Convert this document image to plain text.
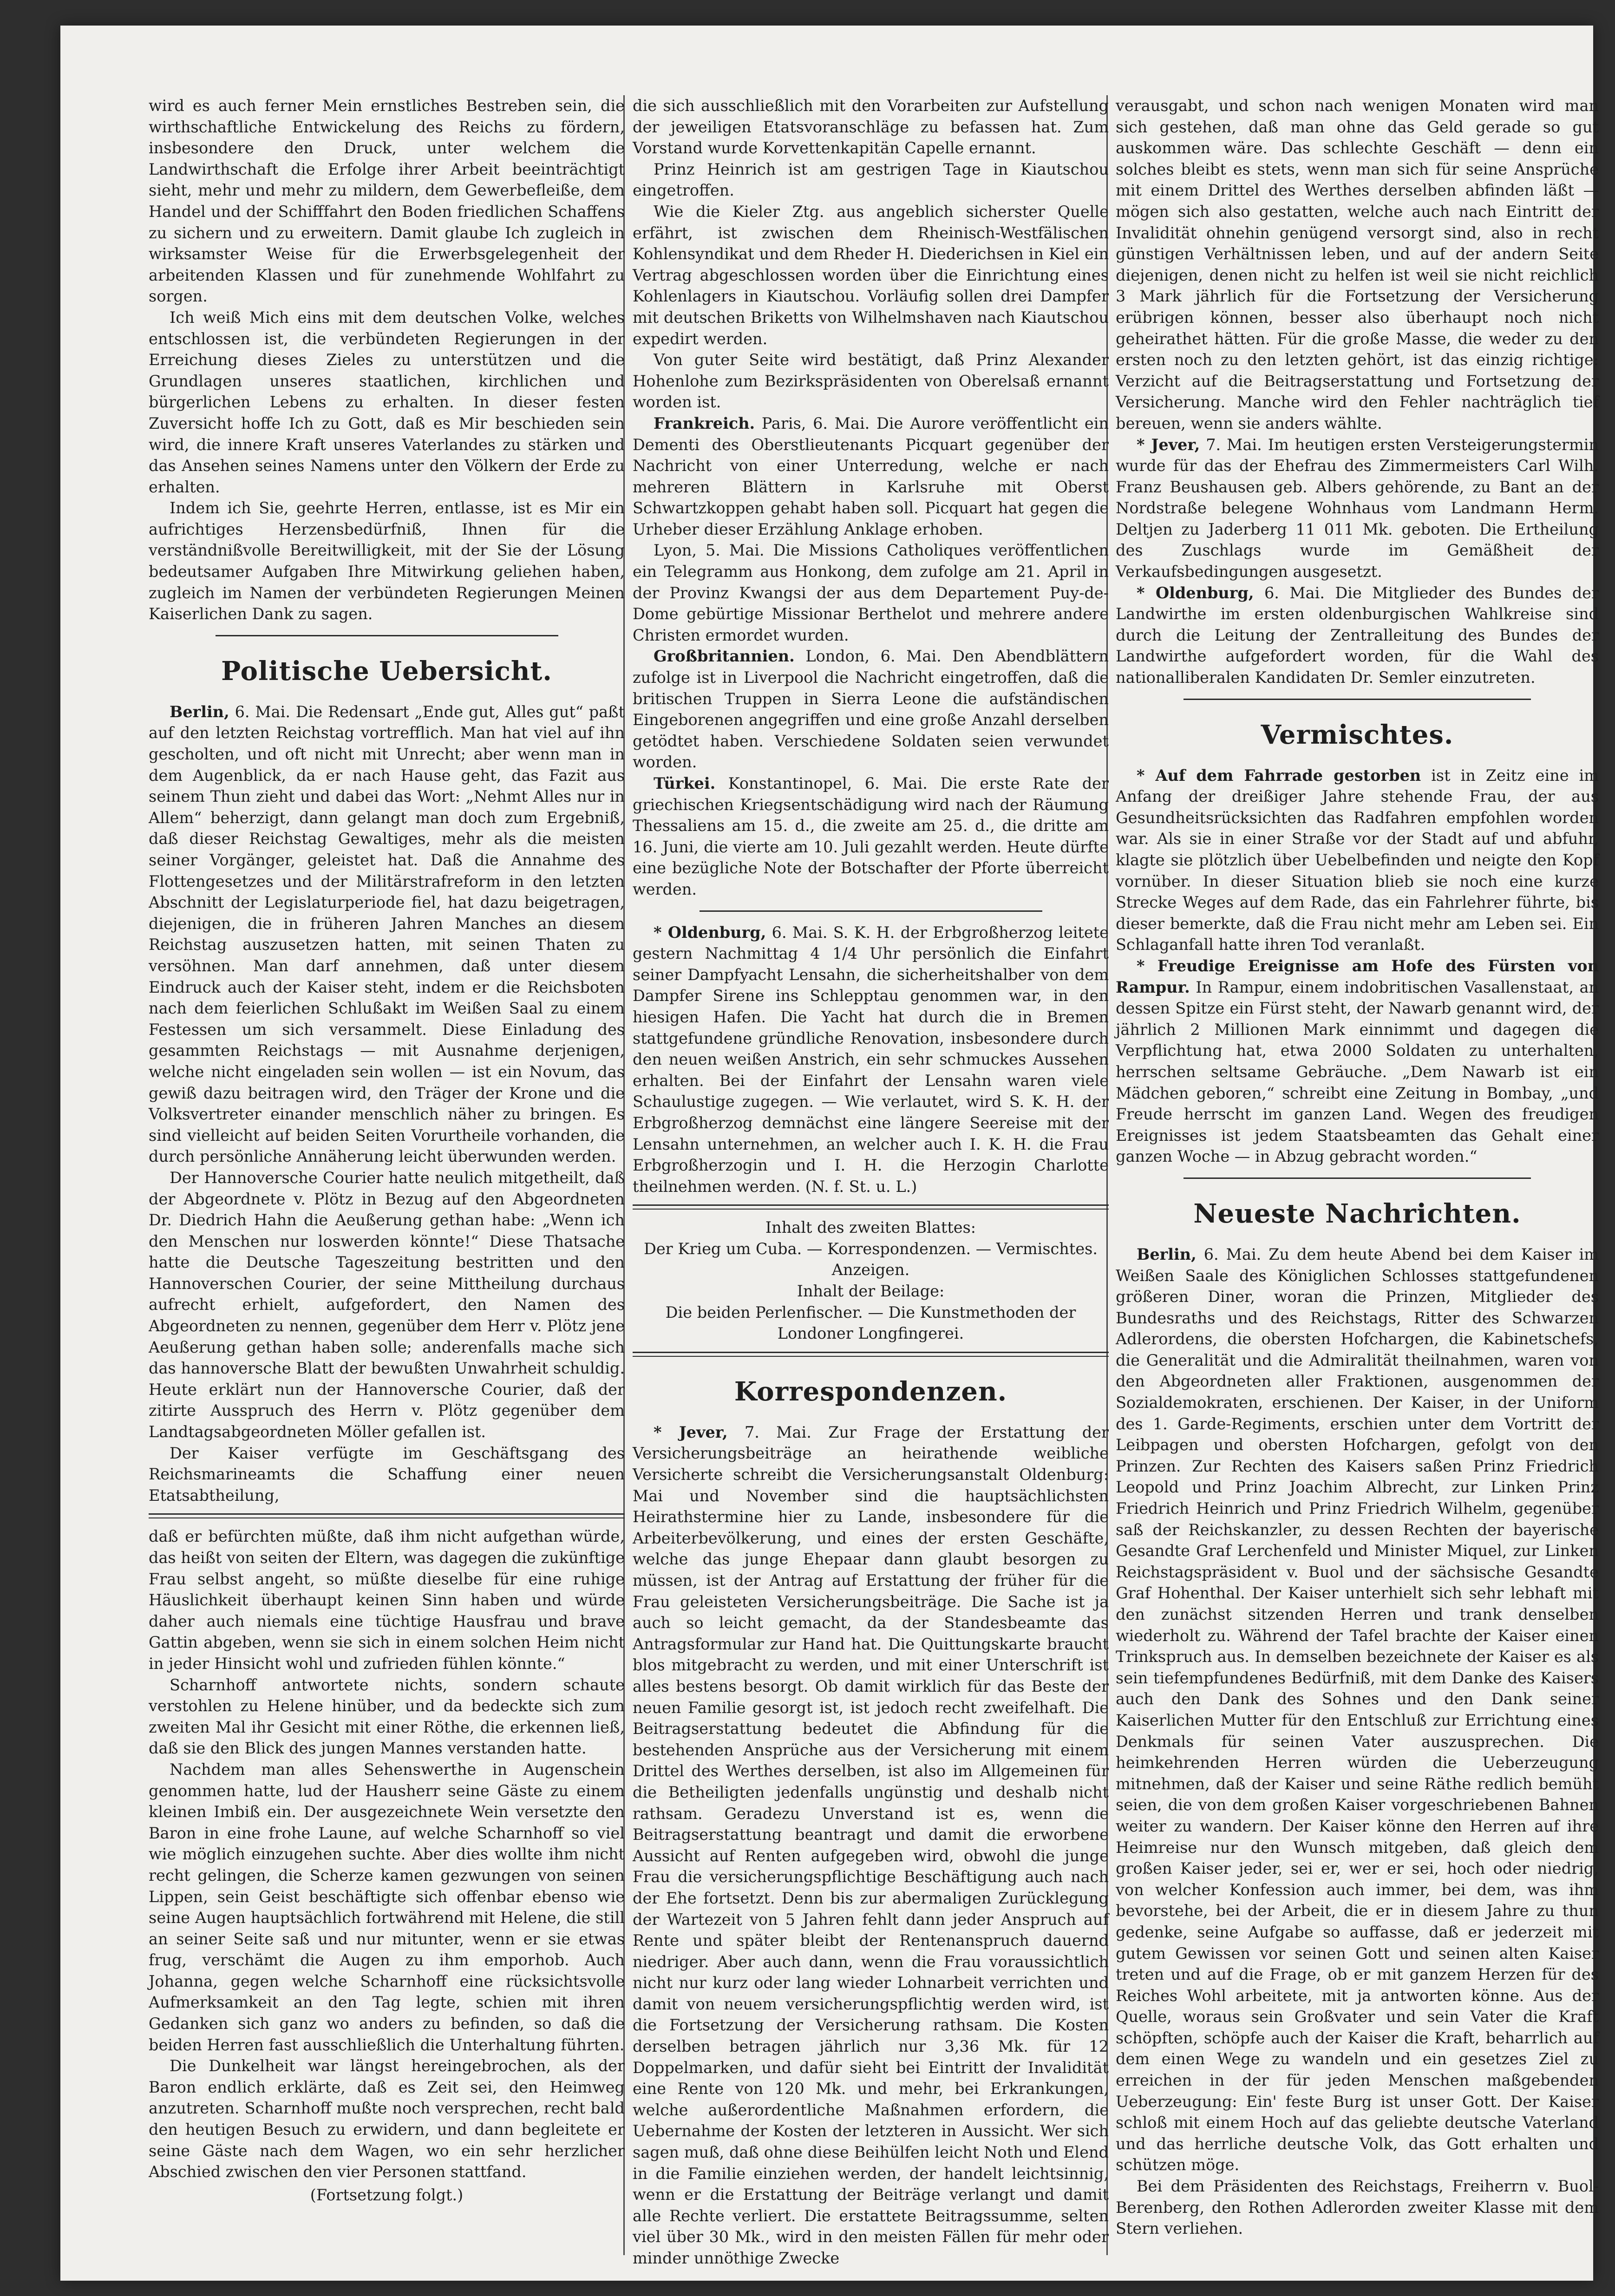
wird es auch ferner Mein ernstliches Bestreben sein, die wirthschaftliche Entwickelung des Reichs zu fördern, insbesondere den Druck, unter welchem die Landwirthschaft die Erfolge ihrer Arbeit beeinträchtigt sieht, mehr und mehr zu mildern, dem Gewerbefleiße, dem Handel und der Schifffahrt den Boden friedlichen Schaffens zu sichern und zu erweitern. Damit glaube Ich zugleich in wirksamster Weise für die Erwerbsgelegenheit der arbeitenden Klassen und für zunehmende Wohlfahrt zu sorgen.

Ich weiß Mich eins mit dem deutschen Volke, welches entschlossen ist, die verbündeten Regierungen in der Erreichung dieses Zieles zu unterstützen und die Grundlagen unseres staatlichen, kirchlichen und bürgerlichen Lebens zu erhalten. In dieser festen Zuversicht hoffe Ich zu Gott, daß es Mir beschieden sein wird, die innere Kraft unseres Vaterlandes zu stärken und das Ansehen seines Namens unter den Völkern der Erde zu erhalten.

Indem ich Sie, geehrte Herren, entlasse, ist es Mir ein aufrichtiges Herzensbedürfniß, Ihnen für die verständnißvolle Bereitwilligkeit, mit der Sie der Lösung bedeutsamer Aufgaben Ihre Mitwirkung geliehen haben, zugleich im Namen der verbündeten Regierungen Meinen Kaiserlichen Dank zu sagen.

Politische Uebersicht.

Berlin, 6. Mai. Die Redensart „Ende gut, Alles gut“ paßt auf den letzten Reichstag vortrefflich. Man hat viel auf ihn gescholten, und oft nicht mit Unrecht; aber wenn man in dem Augenblick, da er nach Hause geht, das Fazit aus seinem Thun zieht und dabei das Wort: „Nehmt Alles nur in Allem“ beherzigt, dann gelangt man doch zum Ergebniß, daß dieser Reichstag Gewaltiges, mehr als die meisten seiner Vorgänger, geleistet hat. Daß die Annahme des Flottengesetzes und der Militärstrafreform in den letzten Abschnitt der Legislaturperiode fiel, hat dazu beigetragen, diejenigen, die in früheren Jahren Manches an diesem Reichstag auszusetzen hatten, mit seinen Thaten zu versöhnen. Man darf annehmen, daß unter diesem Eindruck auch der Kaiser steht, indem er die Reichsboten nach dem feierlichen Schlußakt im Weißen Saal zu einem Festessen um sich versammelt. Diese Einladung des gesammten Reichstags — mit Ausnahme derjenigen, welche nicht eingeladen sein wollen — ist ein Novum, das gewiß dazu beitragen wird, den Träger der Krone und die Volksvertreter einander menschlich näher zu bringen. Es sind vielleicht auf beiden Seiten Vorurtheile vorhanden, die durch persönliche Annäherung leicht überwunden werden.

Der Hannoversche Courier hatte neulich mitgetheilt, daß der Abgeordnete v. Plötz in Bezug auf den Abgeordneten Dr. Diedrich Hahn die Aeußerung gethan habe: „Wenn ich den Menschen nur loswerden könnte!“ Diese Thatsache hatte die Deutsche Tageszeitung bestritten und den Hannoverschen Courier, der seine Mittheilung durchaus aufrecht erhielt, aufgefordert, den Namen des Abgeordneten zu nennen, gegenüber dem Herr v. Plötz jene Aeußerung gethan haben solle; anderenfalls mache sich das hannoversche Blatt der bewußten Unwahrheit schuldig. Heute erklärt nun der Hannoversche Courier, daß der zitirte Ausspruch des Herrn v. Plötz gegenüber dem Landtagsabgeordneten Möller gefallen ist.

Der Kaiser verfügte im Geschäftsgang des Reichsmarineamts die Schaffung einer neuen Etatsabtheilung,

daß er befürchten müßte, daß ihm nicht aufgethan würde, das heißt von seiten der Eltern, was dagegen die zukünftige Frau selbst angeht, so müßte dieselbe für eine ruhige Häuslichkeit überhaupt keinen Sinn haben und würde daher auch niemals eine tüchtige Hausfrau und brave Gattin abgeben, wenn sie sich in einem solchen Heim nicht in jeder Hinsicht wohl und zufrieden fühlen könnte.“

Scharnhoff antwortete nichts, sondern schaute verstohlen zu Helene hinüber, und da bedeckte sich zum zweiten Mal ihr Gesicht mit einer Röthe, die erkennen ließ, daß sie den Blick des jungen Mannes verstanden hatte.

Nachdem man alles Sehenswerthe in Augenschein genommen hatte, lud der Hausherr seine Gäste zu einem kleinen Imbiß ein. Der ausgezeichnete Wein versetzte den Baron in eine frohe Laune, auf welche Scharnhoff so viel wie möglich einzugehen suchte. Aber dies wollte ihm nicht recht gelingen, die Scherze kamen gezwungen von seinen Lippen, sein Geist beschäftigte sich offenbar ebenso wie seine Augen hauptsächlich fortwährend mit Helene, die still an seiner Seite saß und nur mitunter, wenn er sie etwas frug, verschämt die Augen zu ihm emporhob. Auch Johanna, gegen welche Scharnhoff eine rücksichtsvolle Aufmerksamkeit an den Tag legte, schien mit ihren Gedanken sich ganz wo anders zu befinden, so daß die beiden Herren fast ausschließlich die Unterhaltung führten.

Die Dunkelheit war längst hereingebrochen, als der Baron endlich erklärte, daß es Zeit sei, den Heimweg anzutreten. Scharnhoff mußte noch versprechen, recht bald den heutigen Besuch zu erwidern, und dann begleitete er seine Gäste nach dem Wagen, wo ein sehr herzlicher Abschied zwischen den vier Personen stattfand.

(Fortsetzung folgt.)

die sich ausschließlich mit den Vorarbeiten zur Aufstellung der jeweiligen Etatsvoranschläge zu befassen hat. Zum Vorstand wurde Korvettenkapitän Capelle ernannt.

Prinz Heinrich ist am gestrigen Tage in Kiautschou eingetroffen.

Wie die Kieler Ztg. aus angeblich sicherster Quelle erfährt, ist zwischen dem Rheinisch-Westfälischen Kohlensyndikat und dem Rheder H. Diederichsen in Kiel ein Vertrag abgeschlossen worden über die Einrichtung eines Kohlenlagers in Kiautschou. Vorläufig sollen drei Dampfer mit deutschen Briketts von Wilhelmshaven nach Kiautschou expedirt werden.

Von guter Seite wird bestätigt, daß Prinz Alexander Hohenlohe zum Bezirkspräsidenten von Oberelsaß ernannt worden ist.

Frankreich. Paris, 6. Mai. Die Aurore veröffentlicht ein Dementi des Oberstlieutenants Picquart gegenüber der Nachricht von einer Unterredung, welche er nach mehreren Blättern in Karlsruhe mit Oberst Schwartzkoppen gehabt haben soll. Picquart hat gegen die Urheber dieser Erzählung Anklage erhoben.

Lyon, 5. Mai. Die Missions Catholiques veröffentlichen ein Telegramm aus Honkong, dem zufolge am 21. April in der Provinz Kwangsi der aus dem Departement Puy-de-Dome gebürtige Missionar Berthelot und mehrere andere Christen ermordet wurden.

Großbritannien. London, 6. Mai. Den Abendblättern zufolge ist in Liverpool die Nachricht eingetroffen, daß die britischen Truppen in Sierra Leone die aufständischen Eingeborenen angegriffen und eine große Anzahl derselben getödtet haben. Verschiedene Soldaten seien verwundet worden.

Türkei. Konstantinopel, 6. Mai. Die erste Rate der griechischen Kriegsentschädigung wird nach der Räumung Thessaliens am 15. d., die zweite am 25. d., die dritte am 16. Juni, die vierte am 10. Juli gezahlt werden. Heute dürfte eine bezügliche Note der Botschafter der Pforte überreicht werden.

* Oldenburg, 6. Mai. S. K. H. der Erbgroßherzog leitete gestern Nachmittag 4 1/4 Uhr persönlich die Einfahrt seiner Dampfyacht Lensahn, die sicherheitshalber von dem Dampfer Sirene ins Schlepptau genommen war, in den hiesigen Hafen. Die Yacht hat durch die in Bremen stattgefundene gründliche Renovation, insbesondere durch den neuen weißen Anstrich, ein sehr schmuckes Aussehen erhalten. Bei der Einfahrt der Lensahn waren viele Schaulustige zugegen. — Wie verlautet, wird S. K. H. der Erbgroßherzog demnächst eine längere Seereise mit der Lensahn unternehmen, an welcher auch I. K. H. die Frau Erbgroßherzogin und I. H. die Herzogin Charlotte theilnehmen werden. (N. f. St. u. L.)

Inhalt des zweiten Blattes:
Der Krieg um Cuba. — Korrespondenzen. — Vermischtes.
Anzeigen.
Inhalt der Beilage:
Die beiden Perlenfischer. — Die Kunstmethoden der
Londoner Longfingerei.
Korrespondenzen.

* Jever, 7. Mai. Zur Frage der Erstattung der Versicherungsbeiträge an heirathende weibliche Versicherte schreibt die Versicherungsanstalt Oldenburg: Mai und November sind die hauptsächlichsten Heirathstermine hier zu Lande, insbesondere für die Arbeiterbevölkerung, und eines der ersten Geschäfte, welche das junge Ehepaar dann glaubt besorgen zu müssen, ist der Antrag auf Erstattung der früher für die Frau geleisteten Versicherungsbeiträge. Die Sache ist ja auch so leicht gemacht, da der Standesbeamte das Antragsformular zur Hand hat. Die Quittungskarte braucht blos mitgebracht zu werden, und mit einer Unterschrift ist alles bestens besorgt. Ob damit wirklich für das Beste der neuen Familie gesorgt ist, ist jedoch recht zweifelhaft. Die Beitragserstattung bedeutet die Abfindung für die bestehenden Ansprüche aus der Versicherung mit einem Drittel des Werthes derselben, ist also im Allgemeinen für die Betheiligten jedenfalls ungünstig und deshalb nicht rathsam. Geradezu Unverstand ist es, wenn die Beitragserstattung beantragt und damit die erworbene Aussicht auf Renten aufgegeben wird, obwohl die junge Frau die versicherungspflichtige Beschäftigung auch nach der Ehe fortsetzt. Denn bis zur abermaligen Zurücklegung der Wartezeit von 5 Jahren fehlt dann jeder Anspruch auf Rente und später bleibt der Rentenanspruch dauernd niedriger. Aber auch dann, wenn die Frau voraussichtlich nicht nur kurz oder lang wieder Lohnarbeit verrichten und damit von neuem versicherungspflichtig werden wird, ist die Fortsetzung der Versicherung rathsam. Die Kosten derselben betragen jährlich nur 3,36 Mk. für 12 Doppelmarken, und dafür sieht bei Eintritt der Invalidität eine Rente von 120 Mk. und mehr, bei Erkrankungen, welche außerordentliche Maßnahmen erfordern, die Uebernahme der Kosten der letzteren in Aussicht. Wer sich sagen muß, daß ohne diese Beihülfen leicht Noth und Elend in die Familie einziehen werden, der handelt leichtsinnig, wenn er die Erstattung der Beiträge verlangt und damit alle Rechte verliert. Die erstattete Beitragssumme, selten viel über 30 Mk., wird in den meisten Fällen für mehr oder minder unnöthige Zwecke

verausgabt, und schon nach wenigen Monaten wird man sich gestehen, daß man ohne das Geld gerade so gut auskommen wäre. Das schlechte Geschäft — denn ein solches bleibt es stets, wenn man sich für seine Ansprüche mit einem Drittel des Werthes derselben abfinden läßt — mögen sich also gestatten, welche auch nach Eintritt der Invalidität ohnehin genügend versorgt sind, also in recht günstigen Verhältnissen leben, und auf der andern Seite diejenigen, denen nicht zu helfen ist weil sie nicht reichlich 3 Mark jährlich für die Fortsetzung der Versicherung erübrigen können, besser also überhaupt noch nicht geheirathet hätten. Für die große Masse, die weder zu den ersten noch zu den letzten gehört, ist das einzig richtige: Verzicht auf die Beitragserstattung und Fortsetzung der Versicherung. Manche wird den Fehler nachträglich tief bereuen, wenn sie anders wählte.

* Jever, 7. Mai. Im heutigen ersten Versteigerungstermin wurde für das der Ehefrau des Zimmermeisters Carl Wilh. Franz Beushausen geb. Albers gehörende, zu Bant an der Nordstraße belegene Wohnhaus vom Landmann Herm. Deltjen zu Jaderberg 11 011 Mk. geboten. Die Ertheilung des Zuschlags wurde im Gemäßheit der Verkaufsbedingungen ausgesetzt.

* Oldenburg, 6. Mai. Die Mitglieder des Bundes der Landwirthe im ersten oldenburgischen Wahlkreise sind durch die Leitung der Zentralleitung des Bundes der Landwirthe aufgefordert worden, für die Wahl des nationalliberalen Kandidaten Dr. Semler einzutreten.

Vermischtes.

* Auf dem Fahrrade gestorben ist in Zeitz eine im Anfang der dreißiger Jahre stehende Frau, der aus Gesundheitsrücksichten das Radfahren empfohlen worden war. Als sie in einer Straße vor der Stadt auf und abfuhr, klagte sie plötzlich über Uebelbefinden und neigte den Kopf vornüber. In dieser Situation blieb sie noch eine kurze Strecke Weges auf dem Rade, das ein Fahrlehrer führte, bis dieser bemerkte, daß die Frau nicht mehr am Leben sei. Ein Schlaganfall hatte ihren Tod veranlaßt.

* Freudige Ereignisse am Hofe des Fürsten von Rampur. In Rampur, einem indobritischen Vasallenstaat, an dessen Spitze ein Fürst steht, der Nawarb genannt wird, der jährlich 2 Millionen Mark einnimmt und dagegen die Verpflichtung hat, etwa 2000 Soldaten zu unterhalten, herrschen seltsame Gebräuche. „Dem Nawarb ist ein Mädchen geboren,“ schreibt eine Zeitung in Bombay, „und Freude herrscht im ganzen Land. Wegen des freudigen Ereignisses ist jedem Staatsbeamten das Gehalt einer ganzen Woche — in Abzug gebracht worden.“

Neueste Nachrichten.

Berlin, 6. Mai. Zu dem heute Abend bei dem Kaiser im Weißen Saale des Königlichen Schlosses stattgefundenen größeren Diner, woran die Prinzen, Mitglieder des Bundesraths und des Reichstags, Ritter des Schwarzen Adlerordens, die obersten Hofchargen, die Kabinetschefs, die Generalität und die Admiralität theilnahmen, waren von den Abgeordneten aller Fraktionen, ausgenommen der Sozialdemokraten, erschienen. Der Kaiser, in der Uniform des 1. Garde-Regiments, erschien unter dem Vortritt der Leibpagen und obersten Hofchargen, gefolgt von den Prinzen. Zur Rechten des Kaisers saßen Prinz Friedrich Leopold und Prinz Joachim Albrecht, zur Linken Prinz Friedrich Heinrich und Prinz Friedrich Wilhelm, gegenüber saß der Reichskanzler, zu dessen Rechten der bayerische Gesandte Graf Lerchenfeld und Minister Miquel, zur Linken Reichstagspräsident v. Buol und der sächsische Gesandte Graf Hohenthal. Der Kaiser unterhielt sich sehr lebhaft mit den zunächst sitzenden Herren und trank denselben wiederholt zu. Während der Tafel brachte der Kaiser einen Trinkspruch aus. In demselben bezeichnete der Kaiser es als sein tiefempfundenes Bedürfniß, mit dem Danke des Kaisers auch den Dank des Sohnes und den Dank seiner Kaiserlichen Mutter für den Entschluß zur Errichtung eines Denkmals für seinen Vater auszusprechen. Die heimkehrenden Herren würden die Ueberzeugung mitnehmen, daß der Kaiser und seine Räthe redlich bemüht seien, die von dem großen Kaiser vorgeschriebenen Bahnen weiter zu wandern. Der Kaiser könne den Herren auf ihre Heimreise nur den Wunsch mitgeben, daß gleich dem großen Kaiser jeder, sei er, wer er sei, hoch oder niedrig, von welcher Konfession auch immer, bei dem, was ihm bevorstehe, bei der Arbeit, die er in diesem Jahre zu thun gedenke, seine Aufgabe so auffasse, daß er jederzeit mit gutem Gewissen vor seinen Gott und seinen alten Kaiser treten und auf die Frage, ob er mit ganzem Herzen für des Reiches Wohl arbeitete, mit ja antworten könne. Aus der Quelle, woraus sein Großvater und sein Vater die Kraft schöpften, schöpfe auch der Kaiser die Kraft, beharrlich auf dem einen Wege zu wandeln und ein gesetzes Ziel zu erreichen in der für jeden Menschen maßgebenden Ueberzeugung: Ein' feste Burg ist unser Gott. Der Kaiser schloß mit einem Hoch auf das geliebte deutsche Vaterland und das herrliche deutsche Volk, das Gott erhalten und schützen möge.

Bei dem Präsidenten des Reichstags, Freiherrn v. Buol-Berenberg, den Rothen Adlerorden zweiter Klasse mit dem Stern verliehen.
